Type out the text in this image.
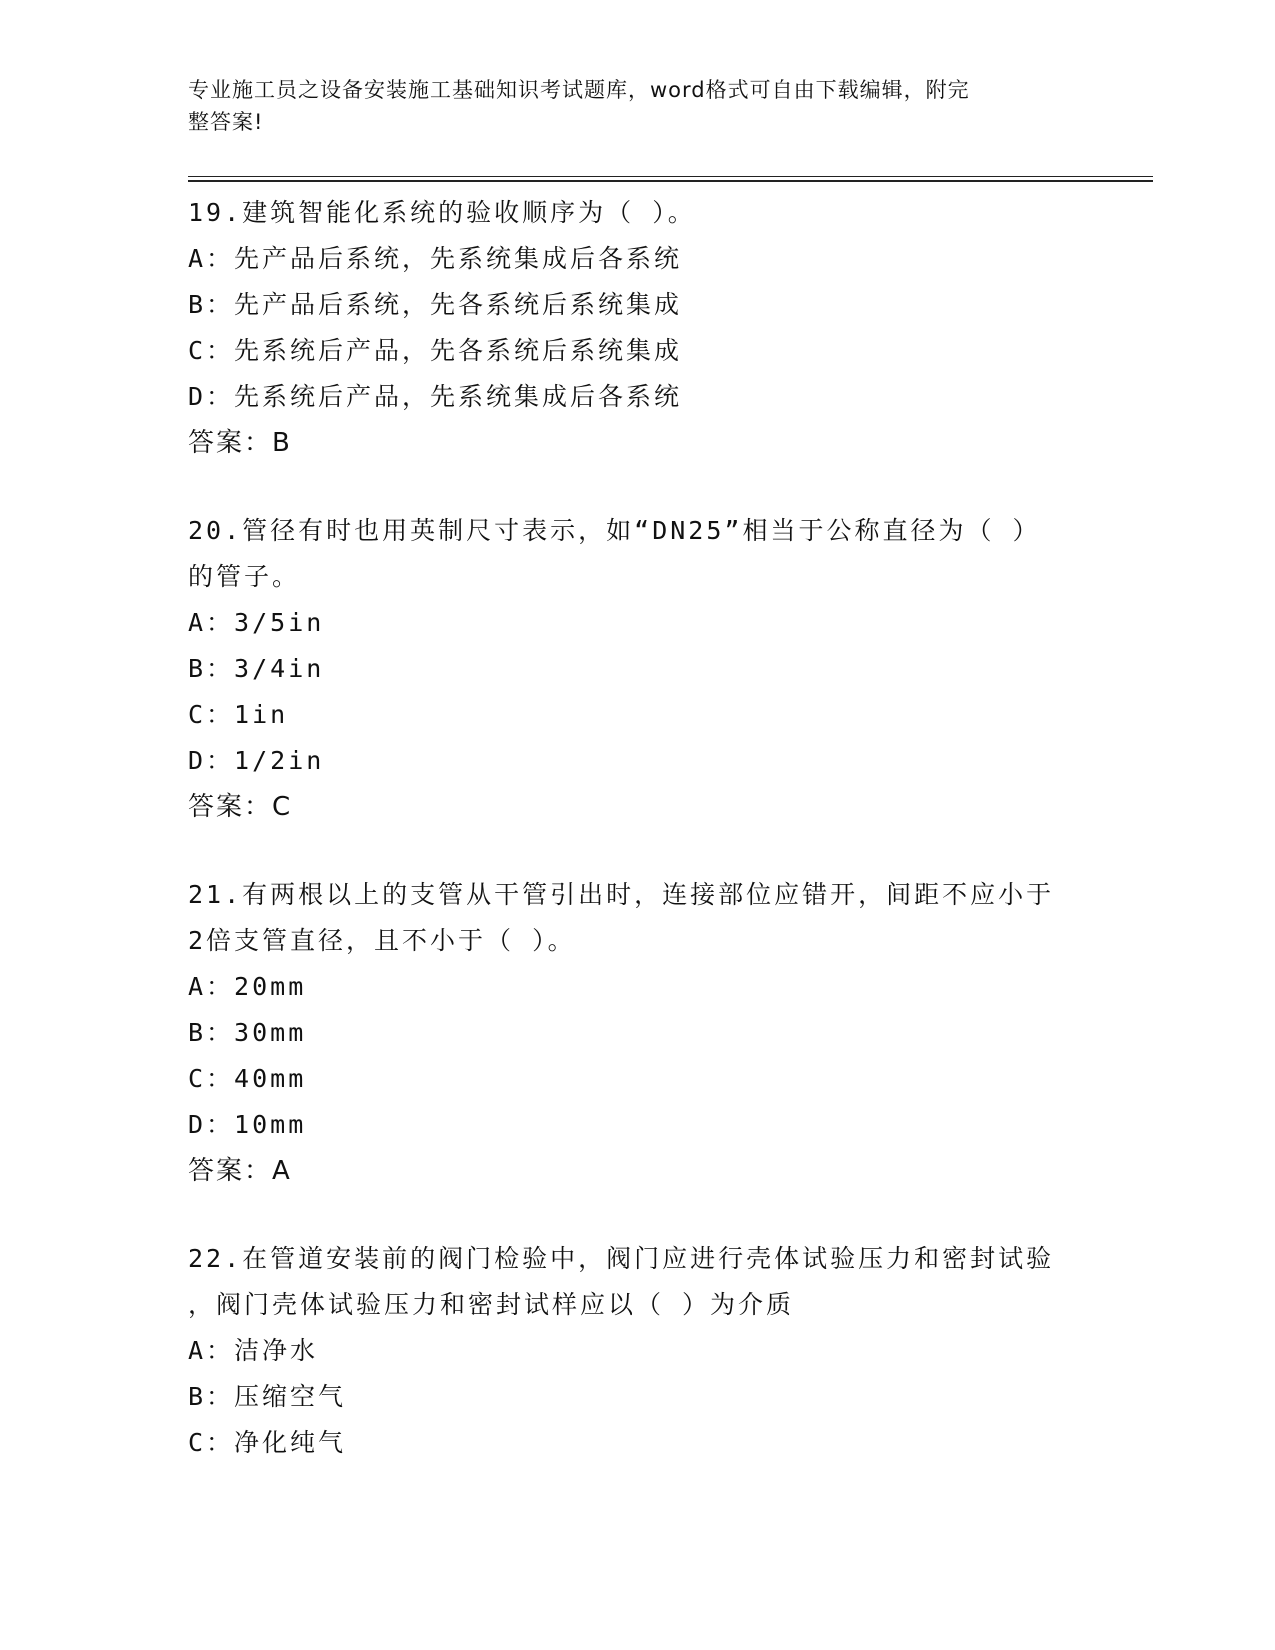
专业施工员之设备安装施工基础知识考试题库，word格式可自由下载编辑，附完
整答案!
19.建筑智能化系统的验收顺序为（ ）。
A：先产品后系统，先系统集成后各系统
B：先产品后系统，先各系统后系统集成
C：先系统后产品，先各系统后系统集成
D：先系统后产品，先系统集成后各系统
答案：B
20.管径有时也用英制尺寸表示，如“DN25”相当于公称直径为（ ）
的管子。
A：3/5in
B：3/4in
C：1in
D：1/2in
答案：C
21.有两根以上的支管从干管引出时，连接部位应错开，间距不应小于
2倍支管直径，且不小于（ ）。
A：20mm
B：30mm
C：40mm
D：10mm
答案：A
22.在管道安装前的阀门检验中，阀门应进行壳体试验压力和密封试验
，阀门壳体试验压力和密封试样应以（ ）为介质
A：洁净水
B：压缩空气
C：净化纯气
